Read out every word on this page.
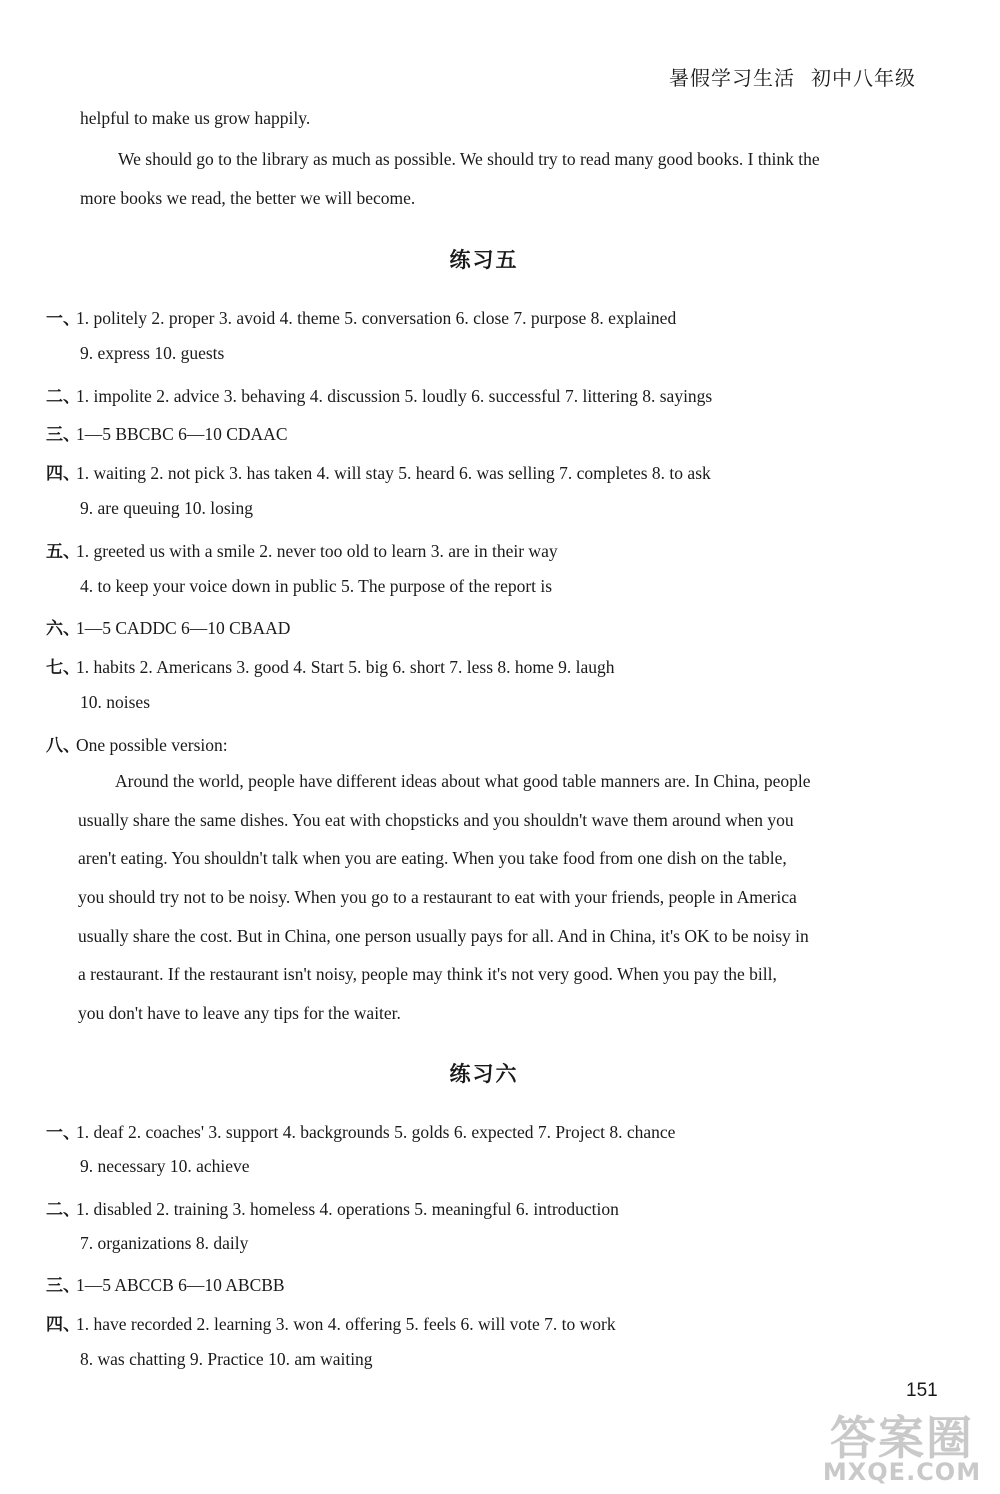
暑假学习生活 初中八年级
helpful to make us grow happily.
We should go to the library as much as possible. We should try to read many good books. I think the
more books we read, the better we will become.
练习五
一、1. politely 2. proper 3. avoid 4. theme 5. conversation 6. close 7. purpose 8. explained
9. express 10. guests
二、1. impolite 2. advice 3. behaving 4. discussion 5. loudly 6. successful 7. littering 8. sayings
三、1—5 BBCBC 6—10 CDAAC
四、1. waiting 2. not pick 3. has taken 4. will stay 5. heard 6. was selling 7. completes 8. to ask
9. are queuing 10. losing
五、1. greeted us with a smile 2. never too old to learn 3. are in their way
4. to keep your voice down in public 5. The purpose of the report is
六、1—5 CADDC 6—10 CBAAD
七、1. habits 2. Americans 3. good 4. Start 5. big 6. short 7. less 8. home 9. laugh
10. noises
八、One possible version:
Around the world, people have different ideas about what good table manners are. In China, people
usually share the same dishes. You eat with chopsticks and you shouldn't wave them around when you
aren't eating. You shouldn't talk when you are eating. When you take food from one dish on the table,
you should try not to be noisy. When you go to a restaurant to eat with your friends, people in America
usually share the cost. But in China, one person usually pays for all. And in China, it's OK to be noisy in
a restaurant. If the restaurant isn't noisy, people may think it's not very good. When you pay the bill,
you don't have to leave any tips for the waiter.
练习六
一、1. deaf 2. coaches' 3. support 4. backgrounds 5. golds 6. expected 7. Project 8. chance
9. necessary 10. achieve
二、1. disabled 2. training 3. homeless 4. operations 5. meaningful 6. introduction
7. organizations 8. daily
三、1—5 ABCCB 6—10 ABCBB
四、1. have recorded 2. learning 3. won 4. offering 5. feels 6. will vote 7. to work
8. was chatting 9. Practice 10. am waiting
151
答案圈
MXQE.COM
